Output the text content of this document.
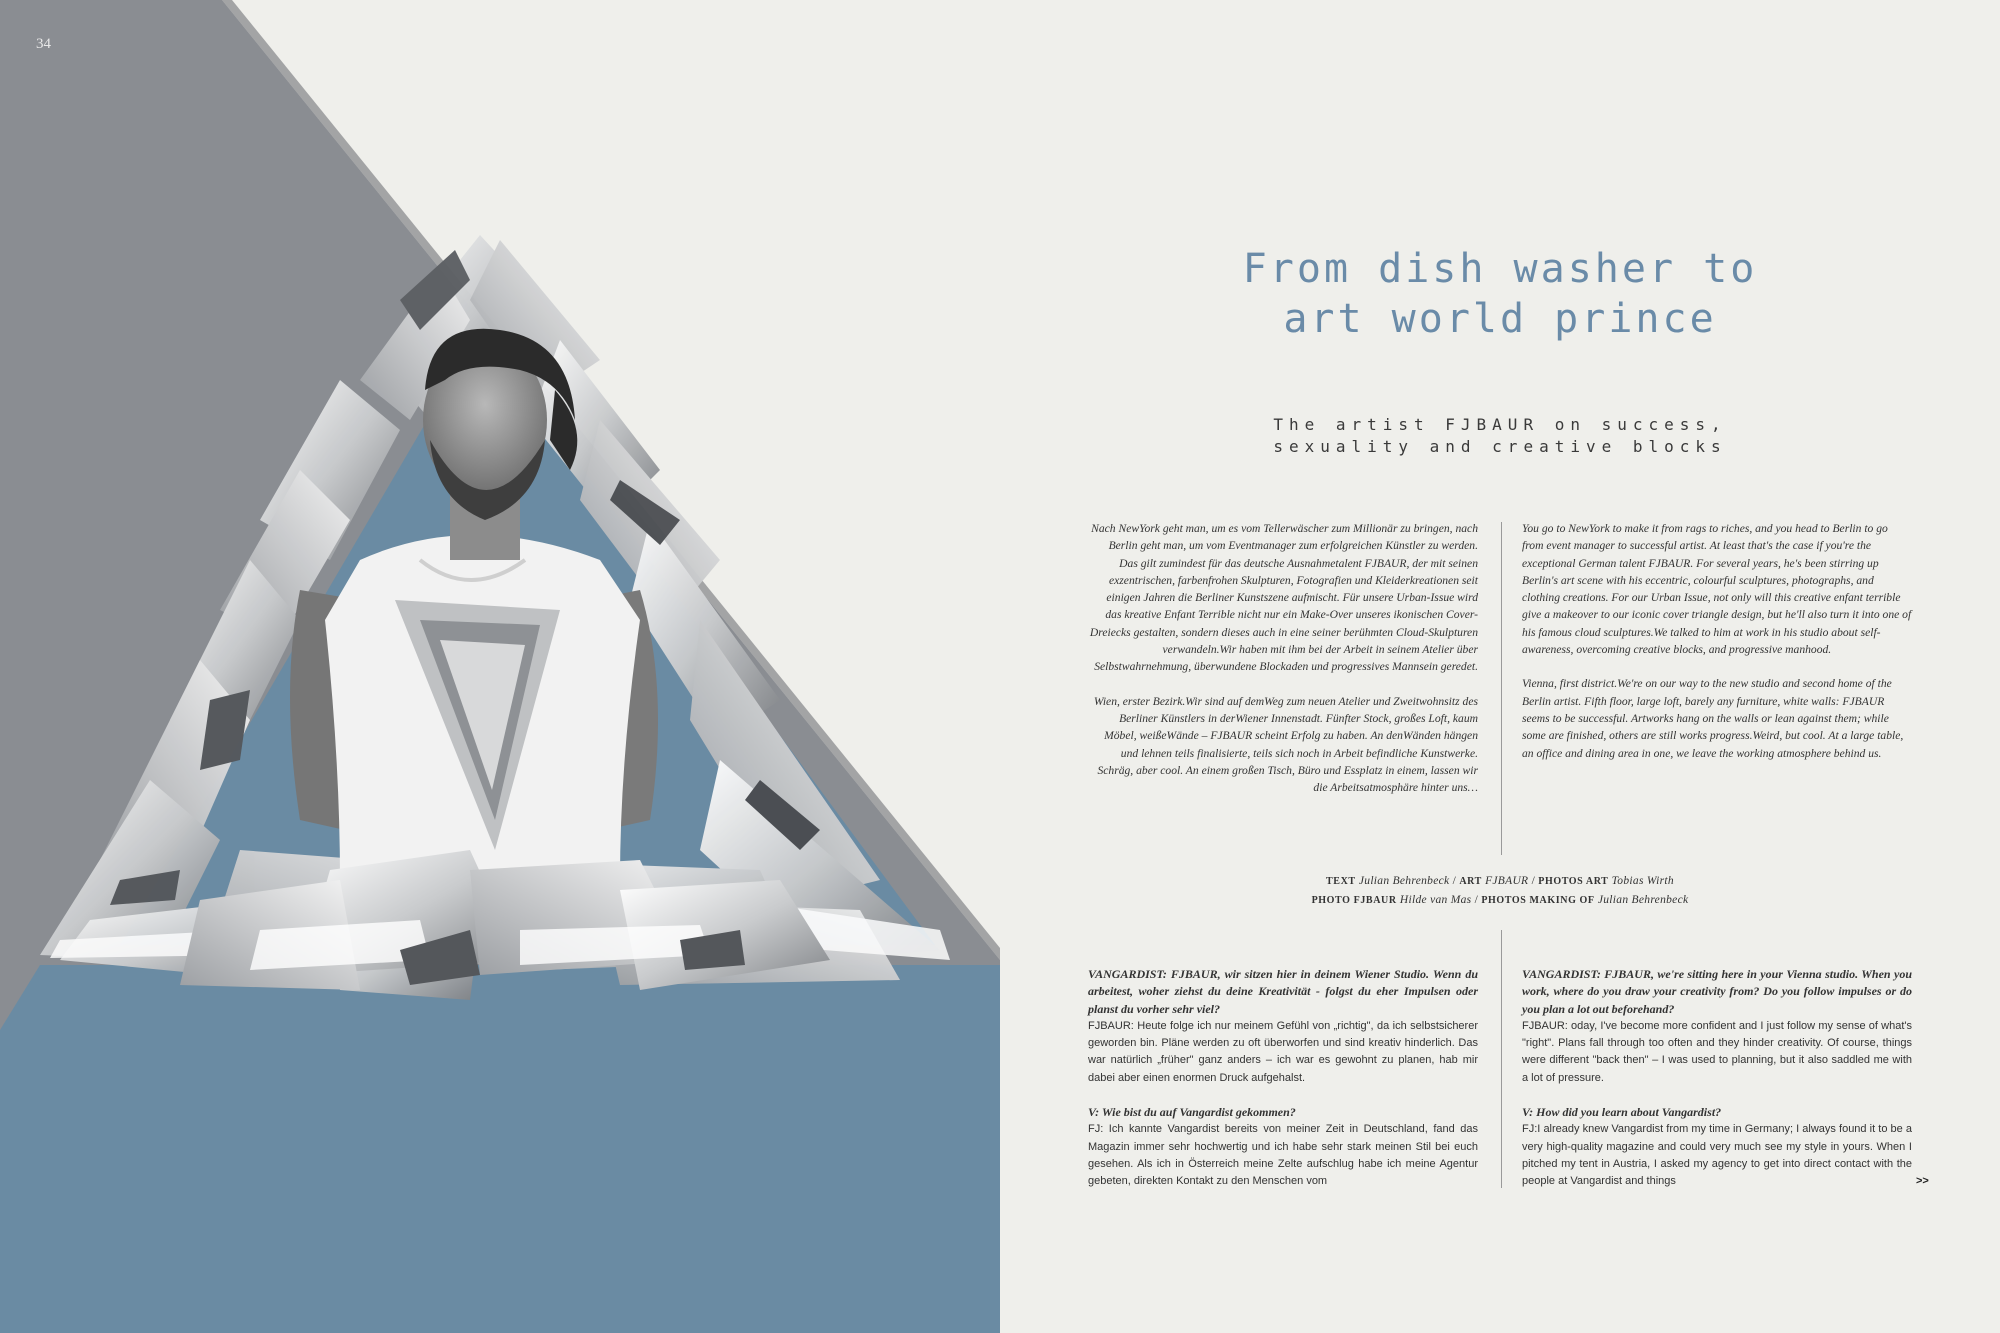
34
From dish washer to
art world prince
The artist FJBAUR on success,
sexuality and creative blocks

Nach NewYork geht man, um es vom Tellerwäscher zum Millionär zu bringen, nach Berlin geht man, um vom Eventmanager zum erfolgreichen Künstler zu werden. Das gilt zumindest für das deutsche Ausnahmetalent FJBAUR, der mit seinen exzentrischen, farbenfrohen Skulpturen, Fotografien und Kleiderkreationen seit einigen Jahren die Berliner Kunstszene aufmischt. Für unsere Urban-Issue wird das kreative Enfant Terrible nicht nur ein Make-Over unseres ikonischen Cover-Dreiecks gestalten, sondern dieses auch in eine seiner berühmten Cloud-Skulpturen verwandeln.Wir haben mit ihm bei der Arbeit in seinem Atelier über Selbstwahrnehmung, überwundene Blockaden und progressives Mannsein geredet.

Wien, erster Bezirk.Wir sind auf demWeg zum neuen Atelier und Zweitwohnsitz des Berliner Künstlers in derWiener Innenstadt. Fünfter Stock, großes Loft, kaum Möbel, weißeWände – FJBAUR scheint Erfolg zu haben. An denWänden hängen und lehnen teils finalisierte, teils sich noch in Arbeit befindliche Kunstwerke. Schräg, aber cool. An einem großen Tisch, Büro und Essplatz in einem, lassen wir die Arbeitsatmosphäre hinter uns…

You go to NewYork to make it from rags to riches, and you head to Berlin to go from event manager to successful artist. At least that's the case if you're the exceptional German talent FJBAUR. For several years, he's been stirring up Berlin's art scene with his eccentric, colourful sculptures, photographs, and clothing creations. For our Urban Issue, not only will this creative enfant terrible give a makeover to our iconic cover triangle design, but he'll also turn it into one of his famous cloud sculptures.We talked to him at work in his studio about self-awareness, overcoming creative blocks, and progressive manhood.

Vienna, first district.We're on our way to the new studio and second home of the Berlin artist. Fifth floor, large loft, barely any furniture, white walls: FJBAUR seems to be successful. Artworks hang on the walls or lean against them; while some are finished, others are still works progress.Weird, but cool. At a large table, an office and dining area in one, we leave the working atmosphere behind us.

TEXT Julian Behrenbeck / ART FJBAUR / PHOTOS ART Tobias Wirth
PHOTO FJBAUR Hilde van Mas / PHOTOS MAKING OF Julian Behrenbeck

VANGARDIST: FJBAUR, wir sitzen hier in deinem Wiener Studio. Wenn du arbeitest, woher ziehst du deine Kreativität - folgst du eher Impulsen oder planst du vorher sehr viel?

FJBAUR: Heute folge ich nur meinem Gefühl von „richtig", da ich selbstsicherer geworden bin. Pläne werden zu oft überworfen und sind kreativ hinderlich. Das war natürlich „früher" ganz anders – ich war es gewohnt zu planen, hab mir dabei aber einen enormen Druck aufgehalst.

V: Wie bist du auf Vangardist gekommen?

FJ: Ich kannte Vangardist bereits von meiner Zeit in Deutschland, fand das Magazin immer sehr hochwertig und ich habe sehr stark meinen Stil bei euch gesehen. Als ich in Österreich meine Zelte aufschlug habe ich meine Agentur gebeten, direkten Kontakt zu den Menschen vom

VANGARDIST: FJBAUR, we're sitting here in your Vienna studio. When you work, where do you draw your creativity from? Do you follow impulses or do you plan a lot out beforehand?

FJBAUR: oday, I've become more confident and I just follow my sense of what's "right". Plans fall through too often and they hinder creativity. Of course, things were different "back then" – I was used to planning, but it also saddled me with a lot of pressure.

V: How did you learn about Vangardist?

FJ:I already knew Vangardist from my time in Germany; I always found it to be a very high-quality magazine and could very much see my style in yours. When I pitched my tent in Austria, I asked my agency to get into direct contact with the people at Vangardist and things	>>
